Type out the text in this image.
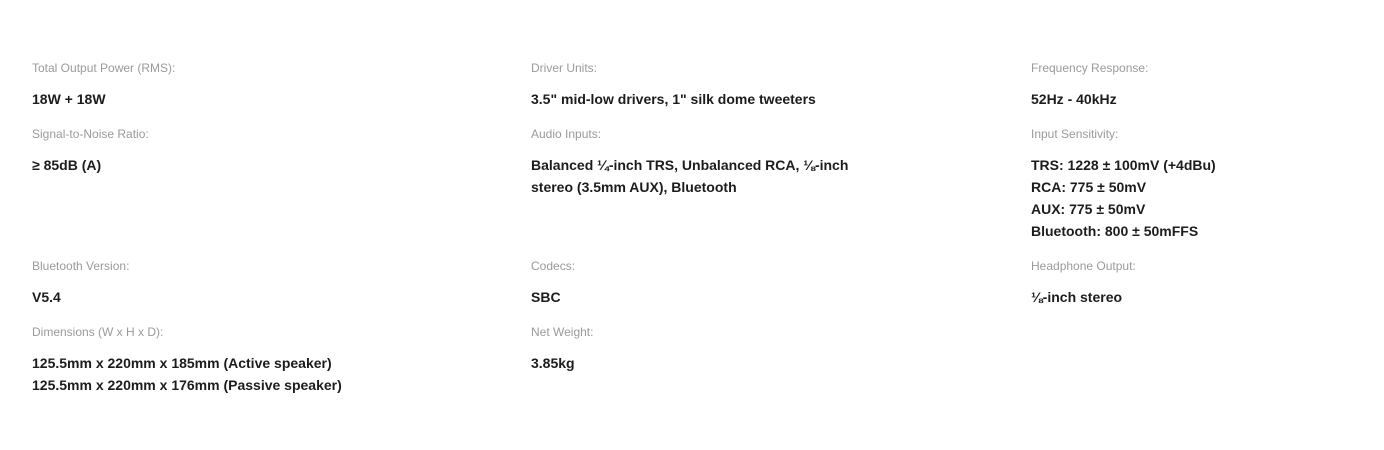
Total Output Power (RMS):
18W + 18W
Driver Units:
3.5" mid-low drivers, 1" silk dome tweeters
Frequency Response:
52Hz - 40kHz
Signal-to-Noise Ratio:
≥ 85dB (A)
Audio Inputs:
Balanced ¼-inch TRS, Unbalanced RCA, ⅛-inch
stereo (3.5mm AUX), Bluetooth
Input Sensitivity:
TRS: 1228 ± 100mV (+4dBu)
RCA: 775 ± 50mV
AUX: 775 ± 50mV
Bluetooth: 800 ± 50mFFS
Bluetooth Version:
V5.4
Codecs:
SBC
Headphone Output:
⅛-inch stereo
Dimensions (W x H x D):
125.5mm x 220mm x 185mm (Active speaker)
125.5mm x 220mm x 176mm (Passive speaker)
Net Weight:
3.85kg
